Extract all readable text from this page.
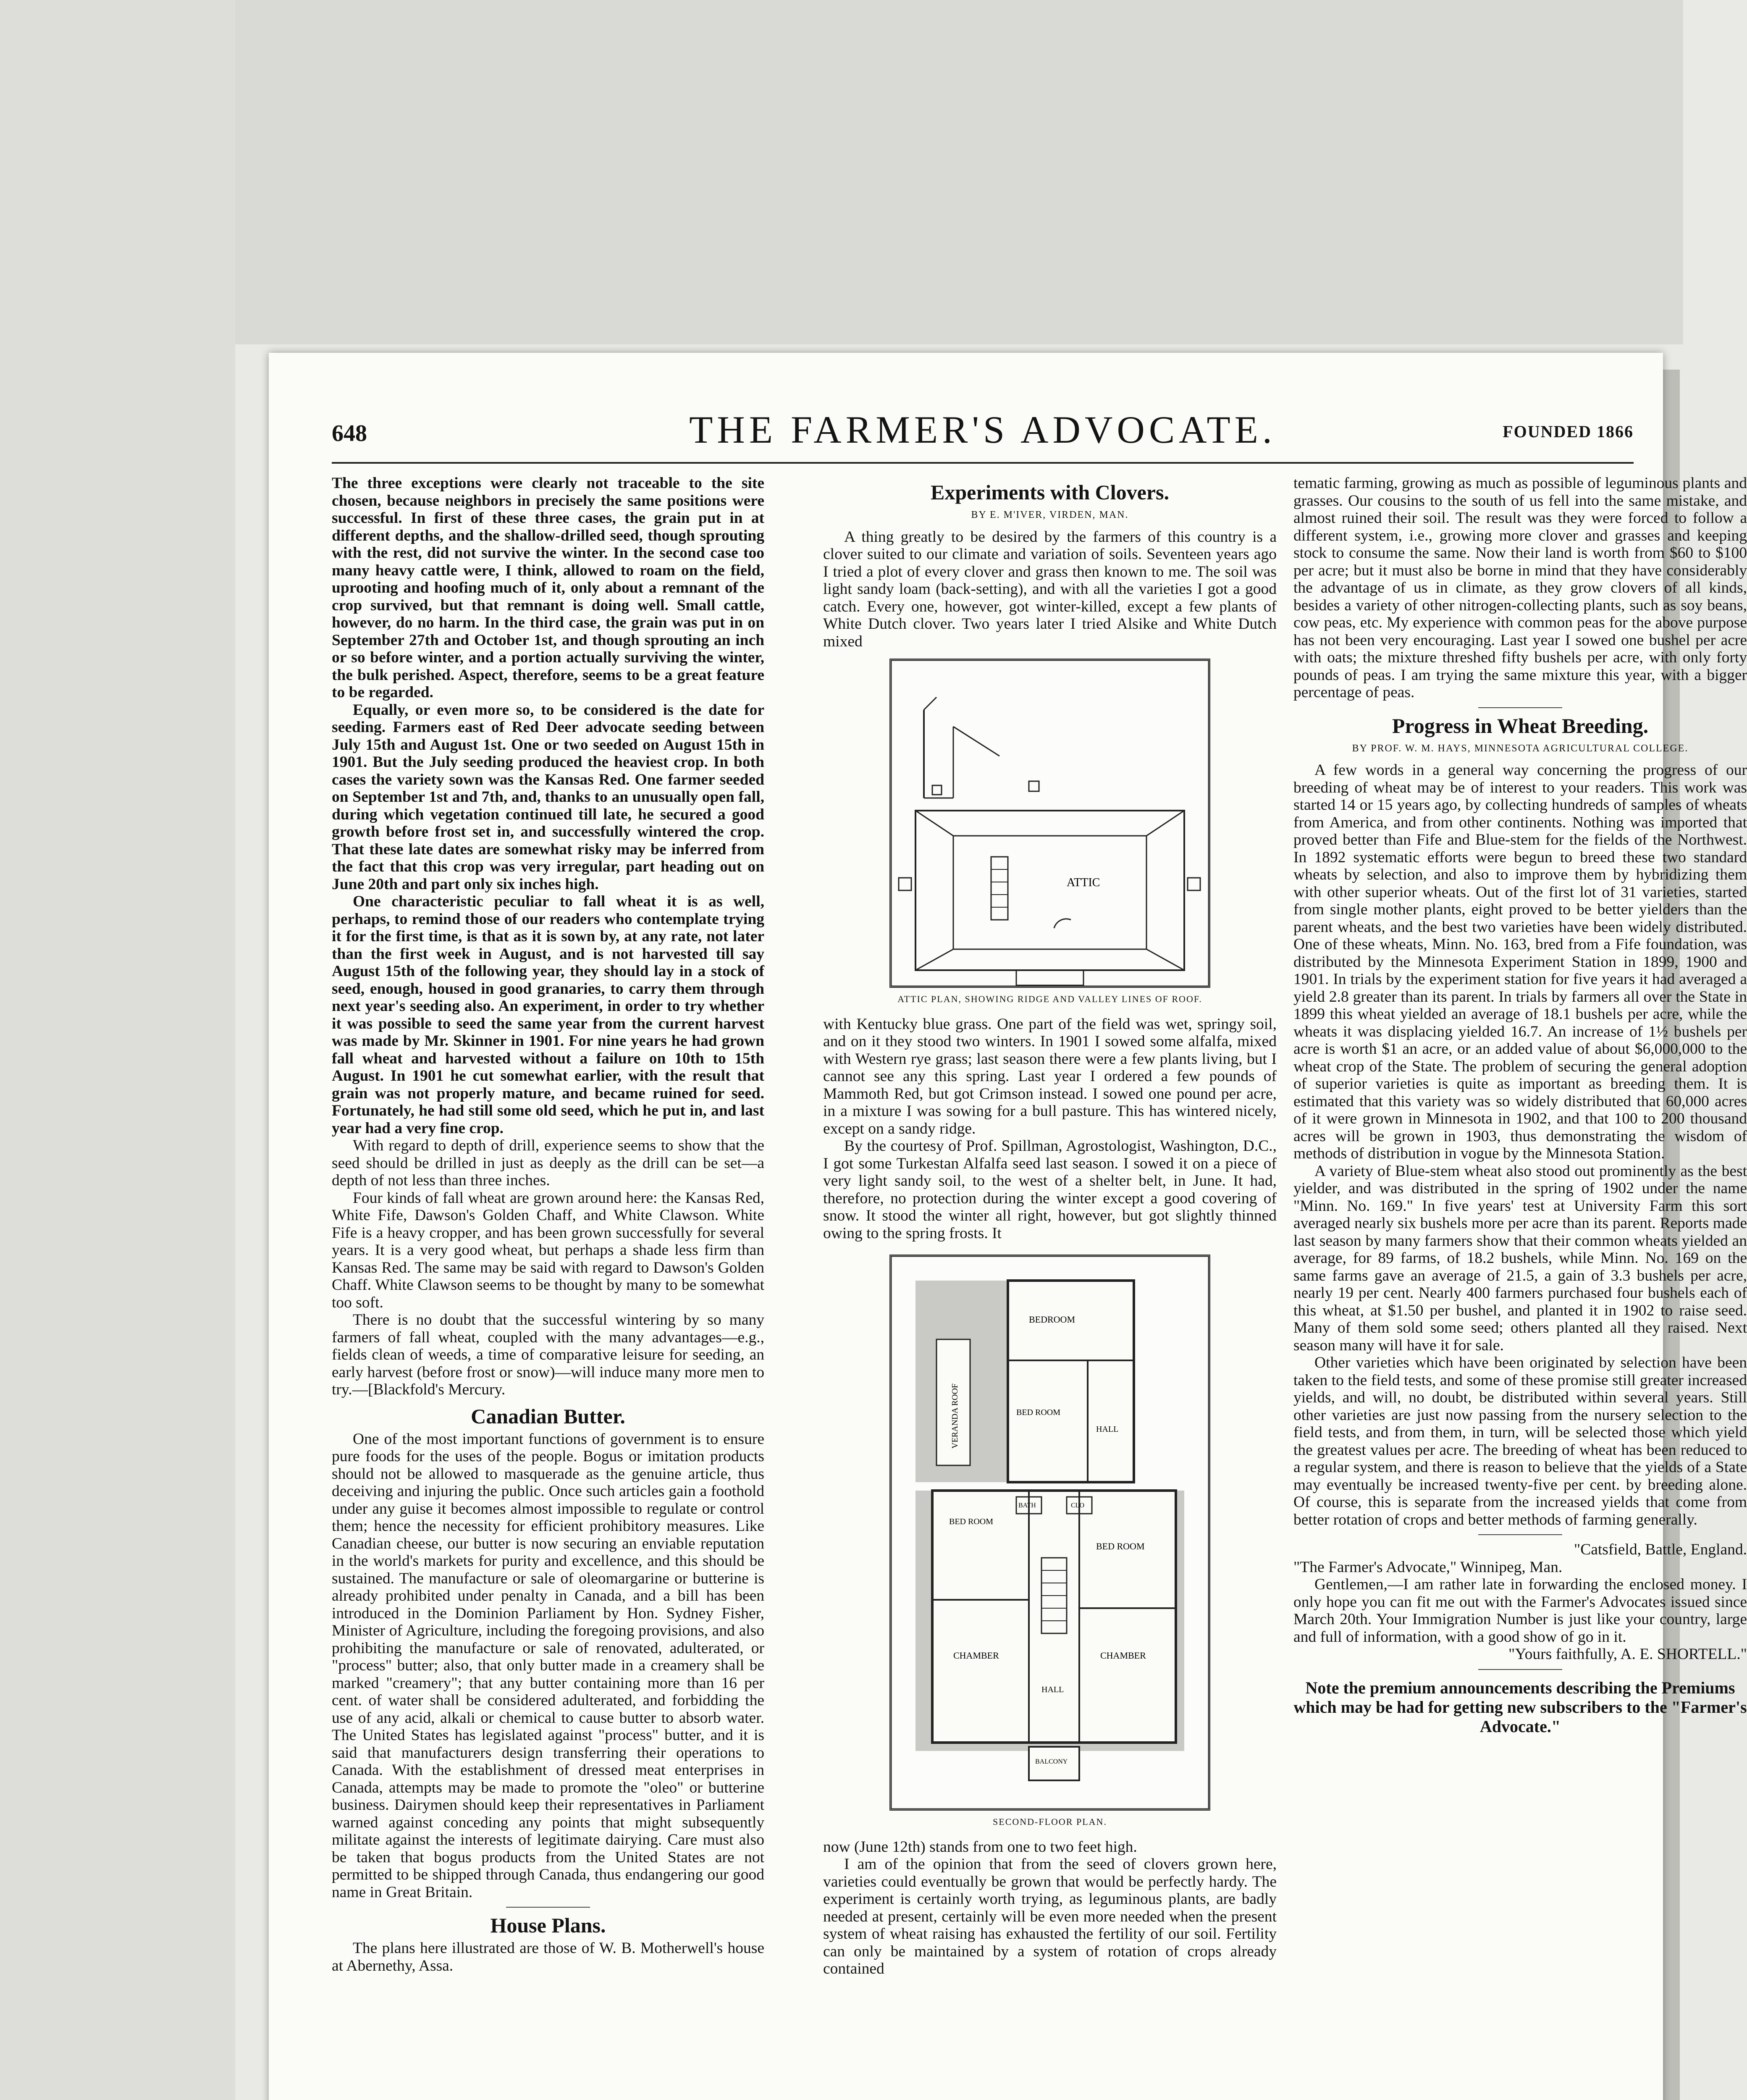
648	THE FARMER'S ADVOCATE.	FOUNDED 1866

The three exceptions were clearly not traceable to the site chosen, because neighbors in precisely the same positions were successful. In first of these three cases, the grain put in at different depths, and the shallow-drilled seed, though sprouting with the rest, did not survive the winter. In the second case too many heavy cattle were, I think, allowed to roam on the field, uprooting and hoofing much of it, only about a remnant of the crop survived, but that remnant is doing well. Small cattle, however, do no harm. In the third case, the grain was put in on September 27th and October 1st, and though sprouting an inch or so before winter, and a portion actually surviving the winter, the bulk perished. Aspect, therefore, seems to be a great feature to be regarded.

Equally, or even more so, to be considered is the date for seeding. Farmers east of Red Deer advocate seeding between July 15th and August 1st. One or two seeded on August 15th in 1901. But the July seeding produced the heaviest crop. In both cases the variety sown was the Kansas Red. One farmer seeded on September 1st and 7th, and, thanks to an unusually open fall, during which vegetation continued till late, he secured a good growth before frost set in, and successfully wintered the crop. That these late dates are somewhat risky may be inferred from the fact that this crop was very irregular, part heading out on June 20th and part only six inches high.

One characteristic peculiar to fall wheat it is as well, perhaps, to remind those of our readers who contemplate trying it for the first time, is that as it is sown by, at any rate, not later than the first week in August, and is not harvested till say August 15th of the following year, they should lay in a stock of seed, enough, housed in good granaries, to carry them through next year's seeding also. An experiment, in order to try whether it was possible to seed the same year from the current harvest was made by Mr. Skinner in 1901. For nine years he had grown fall wheat and harvested without a failure on 10th to 15th August. In 1901 he cut somewhat earlier, with the result that grain was not properly mature, and became ruined for seed. Fortunately, he had still some old seed, which he put in, and last year had a very fine crop.

With regard to depth of drill, experience seems to show that the seed should be drilled in just as deeply as the drill can be set—a depth of not less than three inches.

Four kinds of fall wheat are grown around here: the Kansas Red, White Fife, Dawson's Golden Chaff, and White Clawson. White Fife is a heavy cropper, and has been grown successfully for several years. It is a very good wheat, but perhaps a shade less firm than Kansas Red. The same may be said with regard to Dawson's Golden Chaff. White Clawson seems to be thought by many to be somewhat too soft.

There is no doubt that the successful wintering by so many farmers of fall wheat, coupled with the many advantages—e.g., fields clean of weeds, a time of comparative leisure for seeding, an early harvest (before frost or snow)—will induce many more men to try.—[Blackfold's Mercury.

Canadian Butter.

One of the most important functions of government is to ensure pure foods for the uses of the people. Bogus or imitation products should not be allowed to masquerade as the genuine article, thus deceiving and injuring the public. Once such articles gain a foothold under any guise it becomes almost impossible to regulate or control them; hence the necessity for efficient prohibitory measures. Like Canadian cheese, our butter is now securing an enviable reputation in the world's markets for purity and excellence, and this should be sustained. The manufacture or sale of oleomargarine or butterine is already prohibited under penalty in Canada, and a bill has been introduced in the Dominion Parliament by Hon. Sydney Fisher, Minister of Agriculture, including the foregoing provisions, and also prohibiting the manufacture or sale of renovated, adulterated, or "process" butter; also, that only butter made in a creamery shall be marked "creamery"; that any butter containing more than 16 per cent. of water shall be considered adulterated, and forbidding the use of any acid, alkali or chemical to cause butter to absorb water. The United States has legislated against "process" butter, and it is said that manufacturers design transferring their operations to Canada. With the establishment of dressed meat enterprises in Canada, attempts may be made to promote the "oleo" or butterine business. Dairymen should keep their representatives in Parliament warned against conceding any points that might subsequently militate against the interests of legitimate dairying. Care must also be taken that bogus products from the United States are not permitted to be shipped through Canada, thus endangering our good name in Great Britain.

House Plans.

The plans here illustrated are those of W. B. Motherwell's house at Abernethy, Assa.

Experiments with Clovers.
BY E. M'IVER, VIRDEN, MAN.

A thing greatly to be desired by the farmers of this country is a clover suited to our climate and variation of soils. Seventeen years ago I tried a plot of every clover and grass then known to me. The soil was light sandy loam (back-setting), and with all the varieties I got a good catch. Every one, however, got winter-killed, except a few plants of White Dutch clover. Two years later I tried Alsike and White Dutch mixed

ATTIC
ATTIC PLAN, SHOWING RIDGE AND VALLEY LINES OF ROOF.

with Kentucky blue grass. One part of the field was wet, springy soil, and on it they stood two winters. In 1901 I sowed some alfalfa, mixed with Western rye grass; last season there were a few plants living, but I cannot see any this spring. Last year I ordered a few pounds of Mammoth Red, but got Crimson instead. I sowed one pound per acre, in a mixture I was sowing for a bull pasture. This has wintered nicely, except on a sandy ridge.

By the courtesy of Prof. Spillman, Agrostologist, Washington, D.C., I got some Turkestan Alfalfa seed last season. I sowed it on a piece of very light sandy soil, to the west of a shelter belt, in June. It had, therefore, no protection during the winter except a good covering of snow. It stood the winter all right, however, but got slightly thinned owing to the spring frosts. It

VERANDA ROOF
BEDROOM
BED ROOM
HALL
BED ROOM
BED ROOM
CHAMBER	CHAMBER
HALL
BALCONY
BATH	CLO
SECOND-FLOOR PLAN.

now (June 12th) stands from one to two feet high.

I am of the opinion that from the seed of clovers grown here, varieties could eventually be grown that would be perfectly hardy. The experiment is certainly worth trying, as leguminous plants, are badly needed at present, certainly will be even more needed when the present system of wheat raising has exhausted the fertility of our soil. Fertility can only be maintained by a system of rotation of crops already contained

tematic farming, growing as much as possible of leguminous plants and grasses. Our cousins to the south of us fell into the same mistake, and almost ruined their soil. The result was they were forced to follow a different system, i.e., growing more clover and grasses and keeping stock to consume the same. Now their land is worth from $60 to $100 per acre; but it must also be borne in mind that they have considerably the advantage of us in climate, as they grow clovers of all kinds, besides a variety of other nitrogen-collecting plants, such as soy beans, cow peas, etc. My experience with common peas for the above purpose has not been very encouraging. Last year I sowed one bushel per acre with oats; the mixture threshed fifty bushels per acre, with only forty pounds of peas. I am trying the same mixture this year, with a bigger percentage of peas.

Progress in Wheat Breeding.
BY PROF. W. M. HAYS, MINNESOTA AGRICULTURAL COLLEGE.

A few words in a general way concerning the progress of our breeding of wheat may be of interest to your readers. This work was started 14 or 15 years ago, by collecting hundreds of samples of wheats from America, and from other continents. Nothing was imported that proved better than Fife and Blue-stem for the fields of the Northwest. In 1892 systematic efforts were begun to breed these two standard wheats by selection, and also to improve them by hybridizing them with other superior wheats. Out of the first lot of 31 varieties, started from single mother plants, eight proved to be better yielders than the parent wheats, and the best two varieties have been widely distributed. One of these wheats, Minn. No. 163, bred from a Fife foundation, was distributed by the Minnesota Experiment Station in 1899, 1900 and 1901. In trials by the experiment station for five years it had averaged a yield 2.8 greater than its parent. In trials by farmers all over the State in 1899 this wheat yielded an average of 18.1 bushels per acre, while the wheats it was displacing yielded 16.7. An increase of 1½ bushels per acre is worth $1 an acre, or an added value of about $6,000,000 to the wheat crop of the State. The problem of securing the general adoption of superior varieties is quite as important as breeding them. It is estimated that this variety was so widely distributed that 60,000 acres of it were grown in Minnesota in 1902, and that 100 to 200 thousand acres will be grown in 1903, thus demonstrating the wisdom of methods of distribution in vogue by the Minnesota Station.

A variety of Blue-stem wheat also stood out prominently as the best yielder, and was distributed in the spring of 1902 under the name "Minn. No. 169." In five years' test at University Farm this sort averaged nearly six bushels more per acre than its parent. Reports made last season by many farmers show that their common wheats yielded an average, for 89 farms, of 18.2 bushels, while Minn. No. 169 on the same farms gave an average of 21.5, a gain of 3.3 bushels per acre, nearly 19 per cent. Nearly 400 farmers purchased four bushels each of this wheat, at $1.50 per bushel, and planted it in 1902 to raise seed. Many of them sold some seed; others planted all they raised. Next season many will have it for sale.

Other varieties which have been originated by selection have been taken to the field tests, and some of these promise still greater increased yields, and will, no doubt, be distributed within several years. Still other varieties are just now passing from the nursery selection to the field tests, and from them, in turn, will be selected those which yield the greatest values per acre. The breeding of wheat has been reduced to a regular system, and there is reason to believe that the yields of a State may eventually be increased twenty-five per cent. by breeding alone. Of course, this is separate from the increased yields that come from better rotation of crops and better methods of farming generally.

"Catsfield, Battle, England.

"The Farmer's Advocate," Winnipeg, Man.

Gentlemen,—I am rather late in forwarding the enclosed money. I only hope you can fit me out with the Farmer's Advocates issued since March 20th. Your Immigration Number is just like your country, large and full of information, with a good show of go in it.

"Yours faithfully, A. E. SHORTELL."

Note the premium announcements describing the Premiums which may be had for getting new subscribers to the "Farmer's Advocate."
